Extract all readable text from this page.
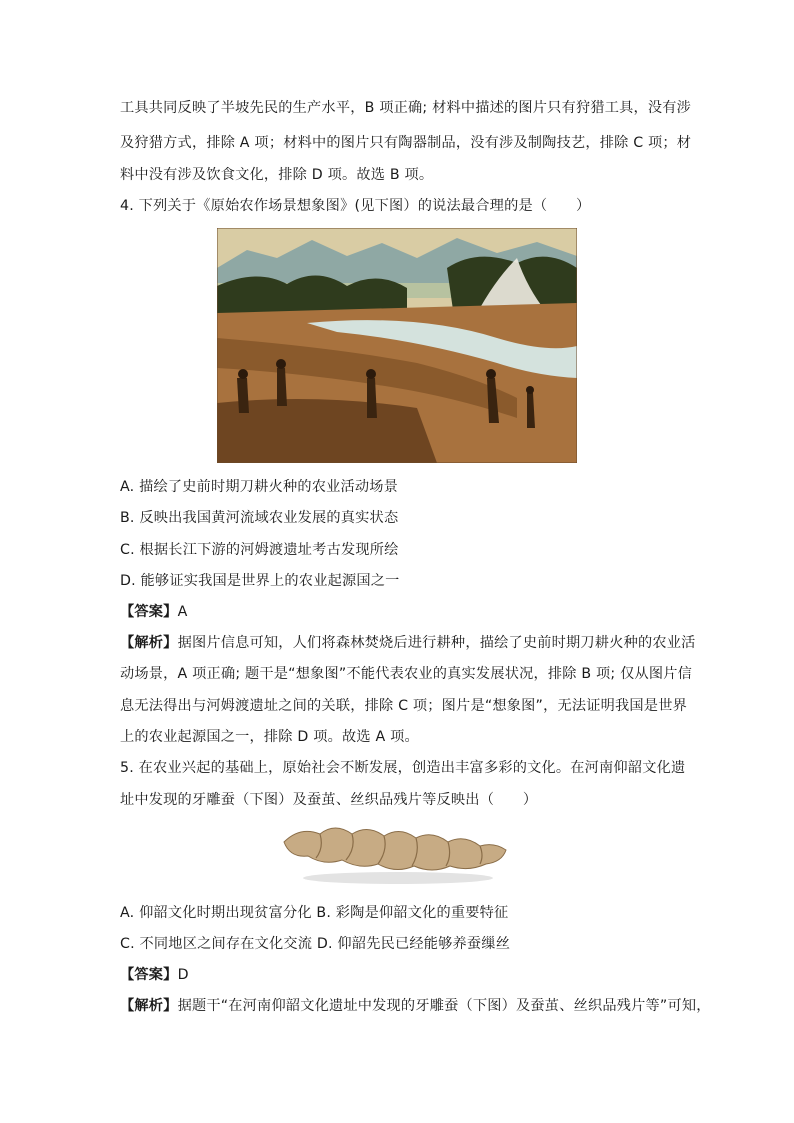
工具共同反映了半坡先民的生产水平，B 项正确; 材料中描述的图片只有狩猎工具，没有涉
及狩猎方式，排除 A 项；材料中的图片只有陶器制品，没有涉及制陶技艺，排除 C 项；材
料中没有涉及饮食文化，排除 D 项。故选 B 项。
4. 下列关于《原始农作场景想象图》(见下图）的说法最合理的是（　　）
A. 描绘了史前时期刀耕火种的农业活动场景
B. 反映出我国黄河流域农业发展的真实状态
C. 根据长江下游的河姆渡遗址考古发现所绘
D. 能够证实我国是世界上的农业起源国之一
【答案】A
【解析】据图片信息可知，人们将森林焚烧后进行耕种，描绘了史前时期刀耕火种的农业活
动场景，A 项正确; 题干是“想象图”不能代表农业的真实发展状况，排除 B 项; 仅从图片信
息无法得出与河姆渡遗址之间的关联，排除 C 项；图片是“想象图”，无法证明我国是世界
上的农业起源国之一，排除 D 项。故选 A 项。
5. 在农业兴起的基础上，原始社会不断发展，创造出丰富多彩的文化。在河南仰韶文化遗
址中发现的牙雕蚕（下图）及蚕茧、丝织品残片等反映出（　　）
A. 仰韶文化时期出现贫富分化 B. 彩陶是仰韶文化的重要特征
C. 不同地区之间存在文化交流 D. 仰韶先民已经能够养蚕缫丝
【答案】D
【解析】据题干“在河南仰韶文化遗址中发现的牙雕蚕（下图）及蚕茧、丝织品残片等”可知，
